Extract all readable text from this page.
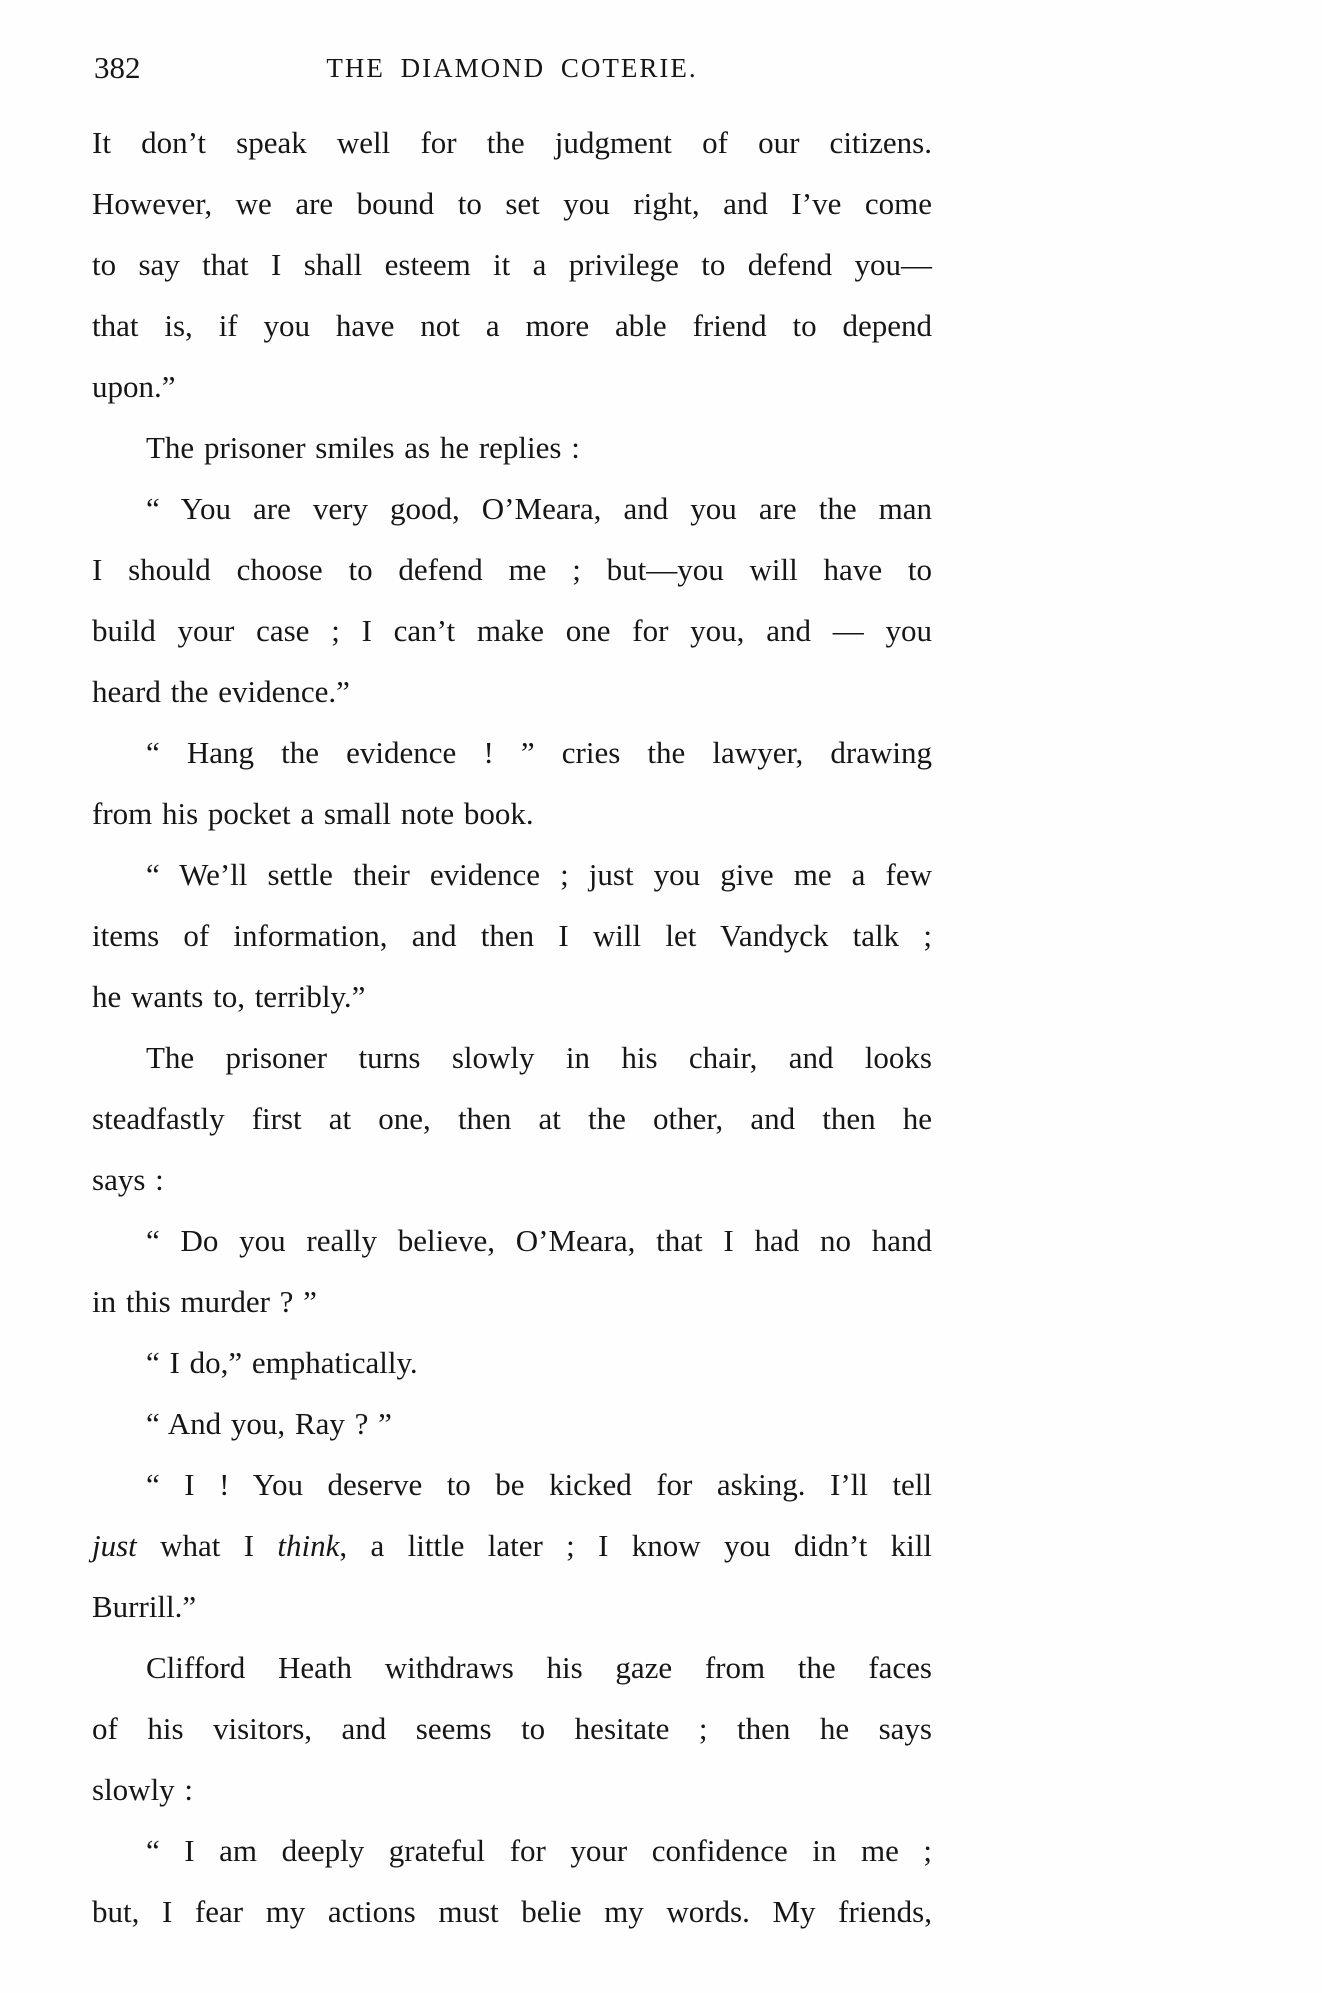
382	THE DIAMOND COTERIE.
It don’t speak well for the judgment of our citizens.
However, we are bound to set you right, and I’ve come
to say that I shall esteem it a privilege to defend you—
that is, if you have not a more able friend to depend
upon.”
The prisoner smiles as he replies :
“ You are very good, O’Meara, and you are the man
I should choose to defend me ; but—you will have to
build your case ; I can’t make one for you, and — you
heard the evidence.”
“ Hang the evidence ! ” cries the lawyer, drawing
from his pocket a small note book.
“ We’ll settle their evidence ; just you give me a few
items of information, and then I will let Vandyck talk ;
he wants to, terribly.”
The prisoner turns slowly in his chair, and looks
steadfastly first at one, then at the other, and then he
says :
“ Do you really believe, O’Meara, that I had no hand
in this murder ? ”
“ I do,” emphatically.
“ And you, Ray ? ”
“ I ! You deserve to be kicked for asking. I’ll tell
just what I think, a little later ; I know you didn’t kill
Burrill.”
Clifford Heath withdraws his gaze from the faces
of his visitors, and seems to hesitate ; then he says
slowly :
“ I am deeply grateful for your confidence in me ;
but, I fear my actions must belie my words. My friends,
